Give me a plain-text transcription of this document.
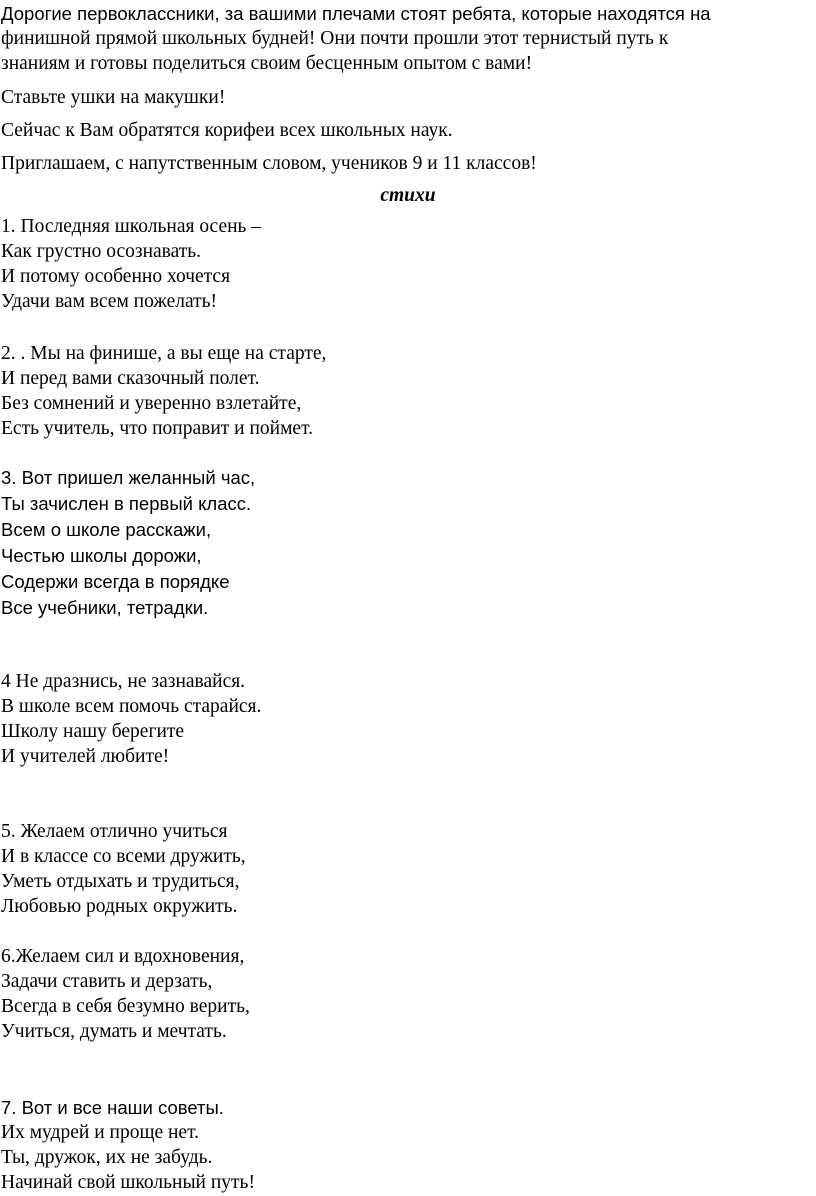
Дорогие первоклассники, за вашими плечами стоят ребята, которые находятся на

финишной прямой школьных будней! Они почти прошли этот тернистый путь к

знаниям и готовы поделиться своим бесценным опытом с вами!

Ставьте ушки на макушки!

Сейчас к Вам обратятся корифеи всех школьных наук.

Приглашаем, с напутственным словом, учеников 9 и 11 классов!

стихи

1. Последняя школьная осень –

Как грустно осознавать.

И потому особенно хочется

Удачи вам всем пожелать!

2. . Мы на финише, а вы еще на старте,

И перед вами сказочный полет.

Без сомнений и уверенно взлетайте,

Есть учитель, что поправит и поймет.

3. Вот пришел желанный час,

Ты зачислен в первый класс.

Всем о школе расскажи,

Честью школы дорожи,

Содержи всегда в порядке

Все учебники, тетрадки.

4 Не дразнись, не зазнавайся.

В школе всем помочь старайся.

Школу нашу берегите

И учителей любите!

5. Желаем отлично учиться

И в классе со всеми дружить,

Уметь отдыхать и трудиться,

Любовью родных окружить.

6.Желаем сил и вдохновения,

Задачи ставить и дерзать,

Всегда в себя безумно верить,

Учиться, думать и мечтать.

7. Вот и все наши советы.

Их мудрей и проще нет.

Ты, дружок, их не забудь.

Начинай свой школьный путь!
